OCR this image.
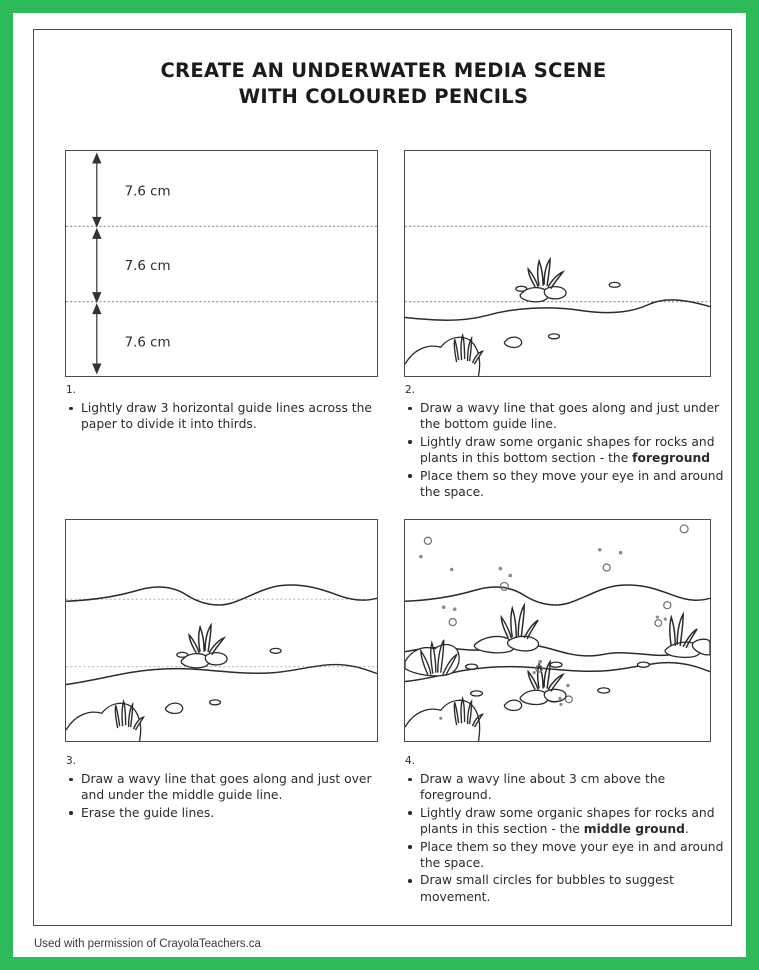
CREATE AN UNDERWATER MEDIA SCENE
WITH COLOURED PENCILS
7.6 cm
7.6 cm
7.6 cm
1.
Lightly draw 3 horizontal guide lines across the paper to divide it into thirds.
2.
Draw a wavy line that goes along and just under the bottom guide line.
Lightly draw some organic shapes for rocks and plants in this bottom section - the foreground
Place them so they move your eye in and around the space.
3.
Draw a wavy line that goes along and just over and under the middle guide line.
Erase the guide lines.
4.
Draw a wavy line about 3 cm above the foreground.
Lightly draw some organic shapes for rocks and plants in this section - the middle ground.
Place them so they move your eye in and around the space.
Draw small circles for bubbles to suggest movement.
Used with permission of CrayolaTeachers.ca
